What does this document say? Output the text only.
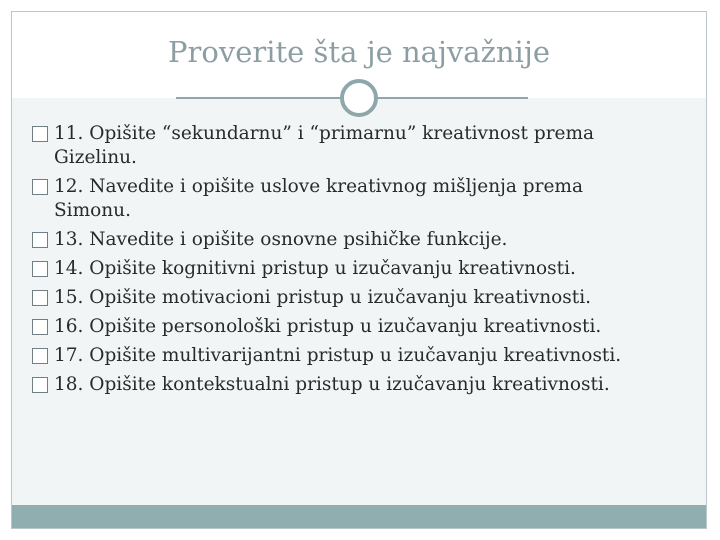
Proverite šta je najvažnije
11. Opišite “sekundarnu” i “primarnu” kreativnost prema
Gizelinu.
12. Navedite i opišite uslove kreativnog mišljenja prema
Simonu.
13. Navedite i opišite osnovne psihičke funkcije.
14. Opišite kognitivni pristup u izučavanju kreativnosti.
15. Opišite motivacioni pristup u izučavanju kreativnosti.
16. Opišite personološki pristup u izučavanju kreativnosti.
17. Opišite multivarijantni pristup u izučavanju kreativnosti.
18. Opišite kontekstualni pristup u izučavanju kreativnosti.
